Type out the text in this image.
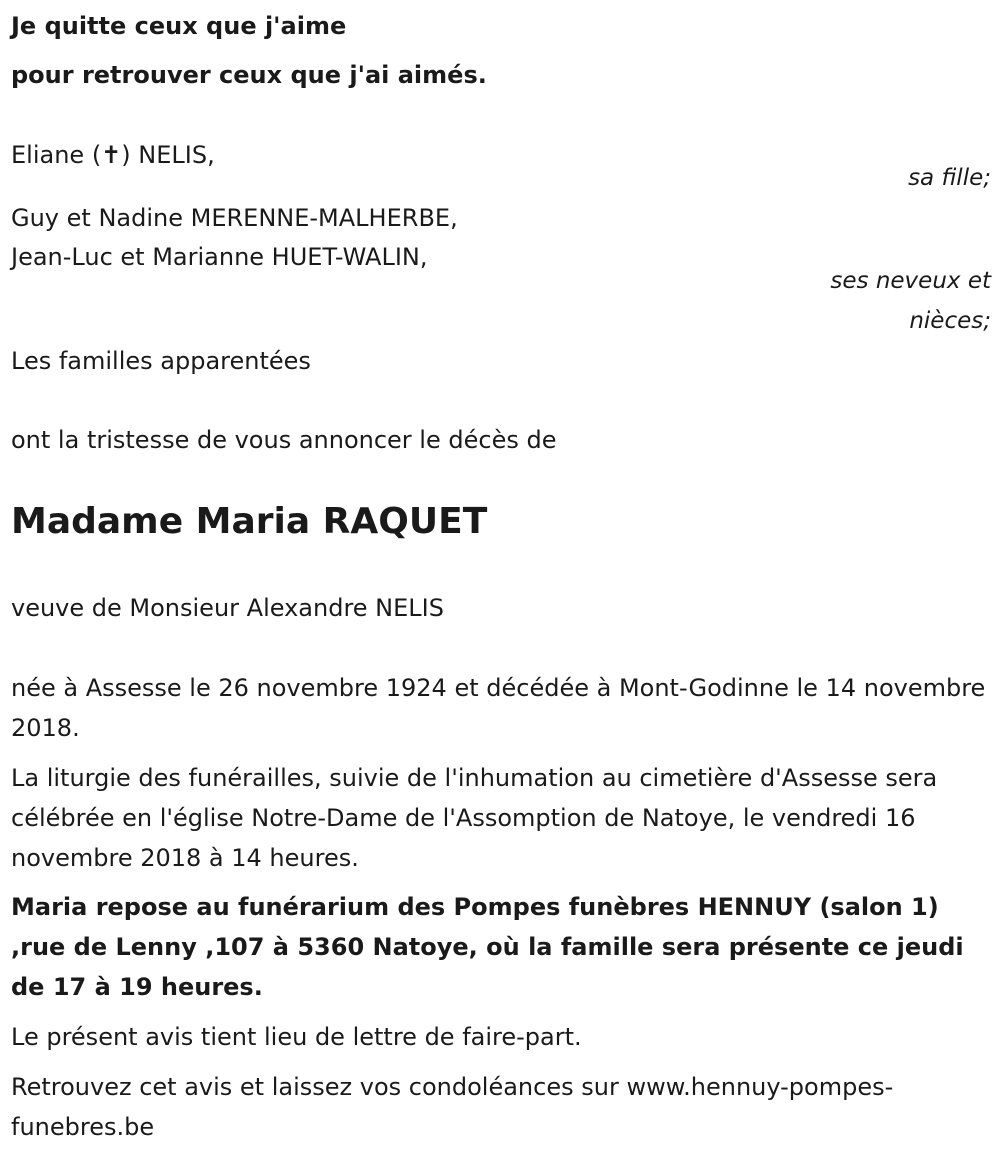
Je quitte ceux que j'aime
pour retrouver ceux que j'ai aimés.
Eliane (✝) NELIS,
sa fille;
Guy et Nadine MERENNE-MALHERBE,
Jean-Luc et Marianne HUET-WALIN,
ses neveux et
nièces;
Les familles apparentées
ont la tristesse de vous annoncer le décès de
Madame Maria RAQUET
veuve de Monsieur Alexandre NELIS
née à Assesse le 26 novembre 1924 et décédée à Mont-Godinne le 14 novembre 2018.
La liturgie des funérailles, suivie de l'inhumation au cimetière d'Assesse sera célébrée en l'église Notre-Dame de l'Assomption de Natoye, le vendredi 16 novembre 2018 à 14 heures.
Maria repose au funérarium des Pompes funèbres HENNUY (salon 1) ,rue de Lenny ,107 à 5360 Natoye, où la famille sera présente ce jeudi de 17 à 19 heures.
Le présent avis tient lieu de lettre de faire-part.
Retrouvez cet avis et laissez vos condoléances sur www.hennuy-pompes-funebres.be
